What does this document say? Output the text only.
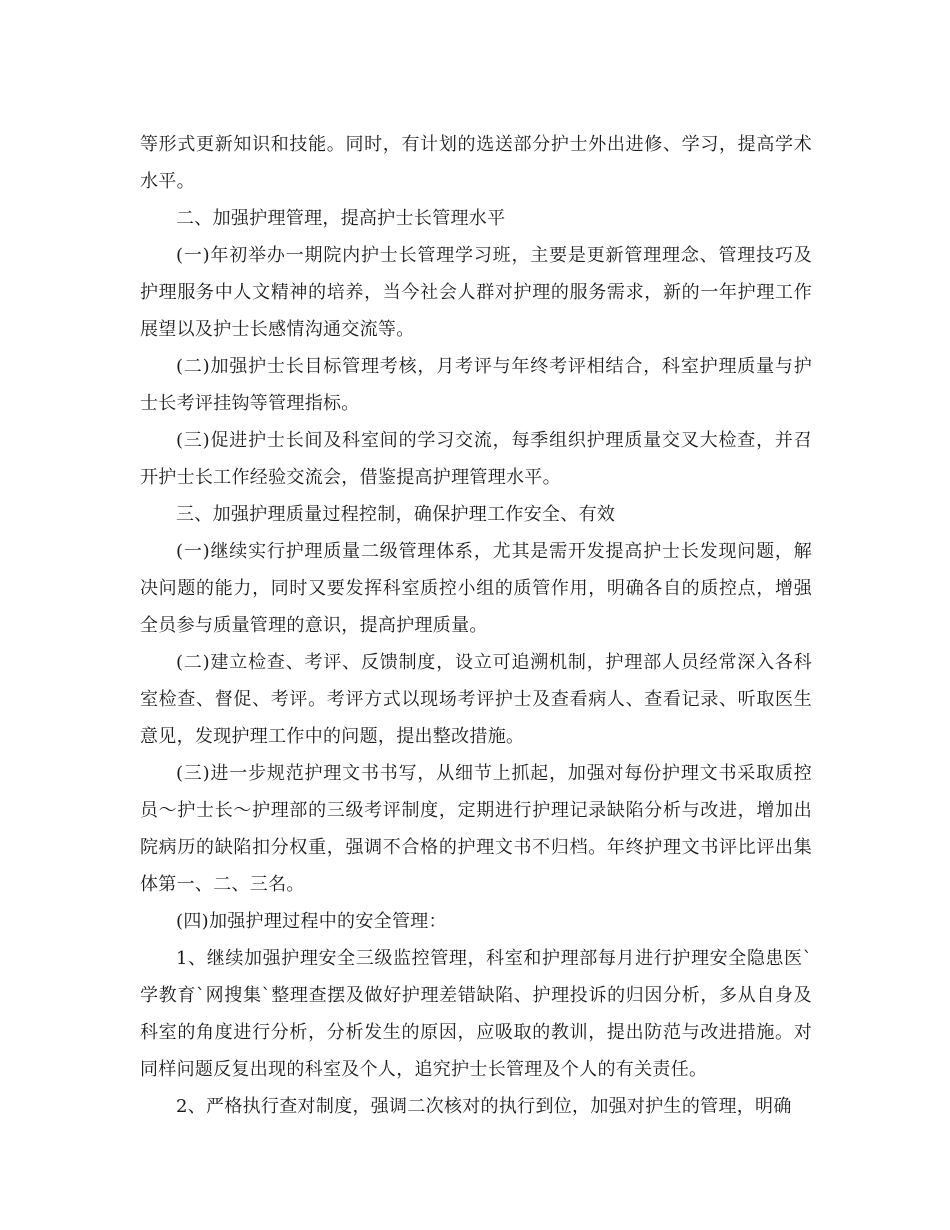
等形式更新知识和技能。同时，有计划的选送部分护士外出进修、学习，提高学术水平。

二、加强护理管理，提高护士长管理水平

(一)年初举办一期院内护士长管理学习班，主要是更新管理理念、管理技巧及护理服务中人文精神的培养，当今社会人群对护理的服务需求，新的一年护理工作展望以及护士长感情沟通交流等。

(二)加强护士长目标管理考核，月考评与年终考评相结合，科室护理质量与护士长考评挂钩等管理指标。

(三)促进护士长间及科室间的学习交流，每季组织护理质量交叉大检查，并召开护士长工作经验交流会，借鉴提高护理管理水平。

三、加强护理质量过程控制，确保护理工作安全、有效

(一)继续实行护理质量二级管理体系，尤其是需开发提高护士长发现问题，解决问题的能力，同时又要发挥科室质控小组的质管作用，明确各自的质控点，增强全员参与质量管理的意识，提高护理质量。

(二)建立检查、考评、反馈制度，设立可追溯机制，护理部人员经常深入各科室检查、督促、考评。考评方式以现场考评护士及查看病人、查看记录、听取医生意见，发现护理工作中的问题，提出整改措施。

(三)进一步规范护理文书书写，从细节上抓起，加强对每份护理文书采取质控员～护士长～护理部的三级考评制度，定期进行护理记录缺陷分析与改进，增加出院病历的缺陷扣分权重，强调不合格的护理文书不归档。年终护理文书评比评出集体第一、二、三名。

(四)加强护理过程中的安全管理：

1、继续加强护理安全三级监控管理，科室和护理部每月进行护理安全隐患医`学教育`网搜集`整理查摆及做好护理差错缺陷、护理投诉的归因分析，多从自身及科室的角度进行分析，分析发生的原因，应吸取的教训，提出防范与改进措施。对同样问题反复出现的科室及个人，追究护士长管理及个人的有关责任。

2、严格执行查对制度，强调二次核对的执行到位，加强对护生的管理，明确
